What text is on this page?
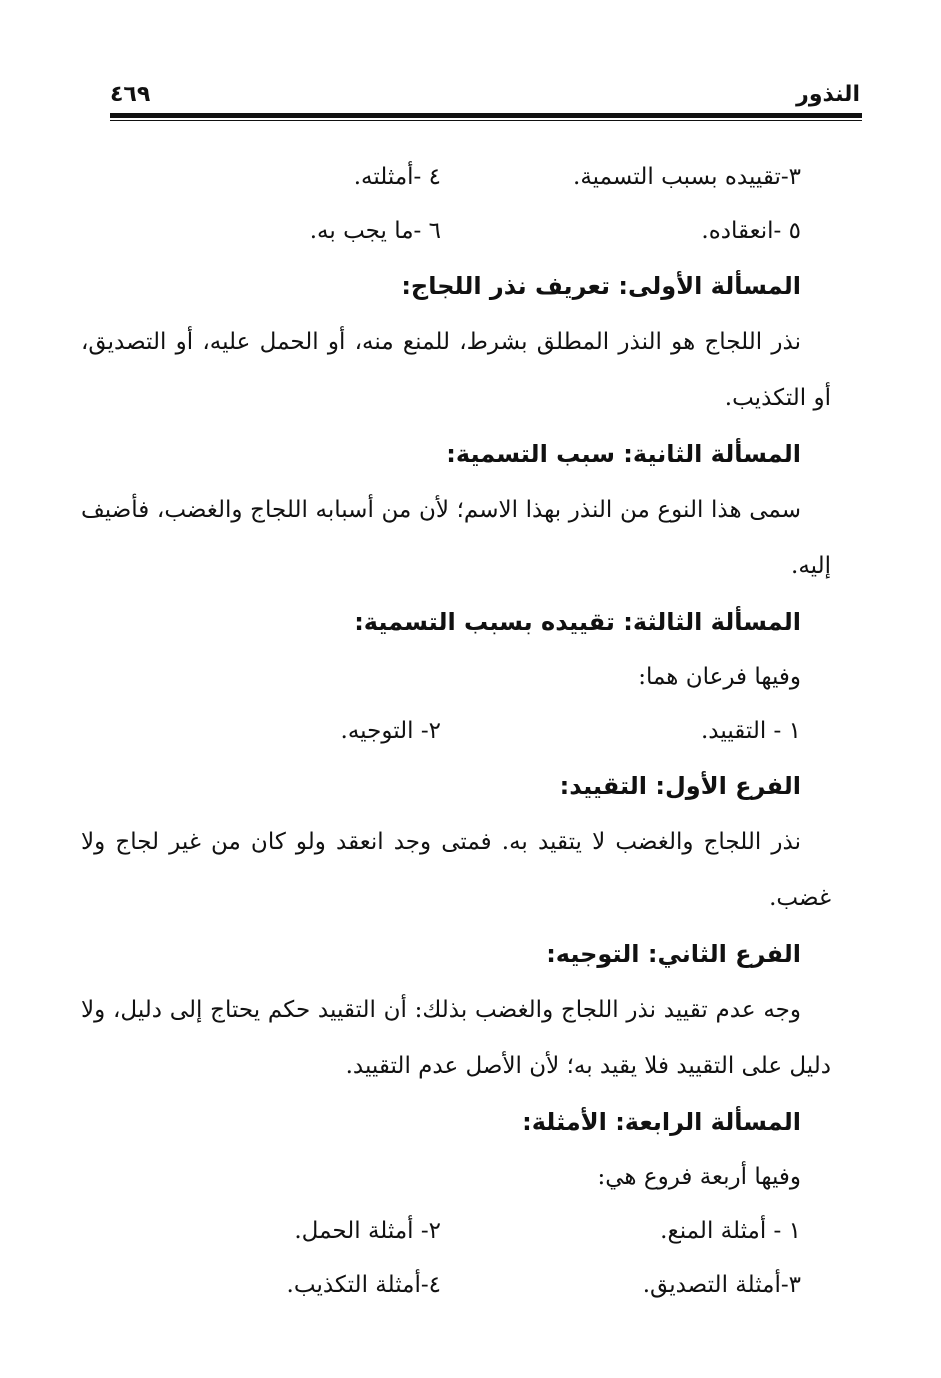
النذور
٤٦٩
٣-تقييده بسبب التسمية.
٤ -أمثلته.
٥ -انعقاده.
٦ -ما يجب به.
المسألة الأولى: تعريف نذر اللجاج:
نذر اللجاج هو النذر المطلق بشرط، للمنع منه، أو الحمل عليه، أو التصديق، أو التكذيب.
المسألة الثانية: سبب التسمية:
سمى هذا النوع من النذر بهذا الاسم؛ لأن من أسبابه اللجاج والغضب، فأضيف إليه.
المسألة الثالثة: تقييده بسبب التسمية:
وفيها فرعان هما:
١ - التقييد.
٢- التوجيه.
الفرع الأول: التقييد:
نذر اللجاج والغضب لا يتقيد به. فمتى وجد انعقد ولو كان من غير لجاج ولا غضب.
الفرع الثاني: التوجيه:
وجه عدم تقييد نذر اللجاج والغضب بذلك: أن التقييد حكم يحتاج إلى دليل، ولا دليل على التقييد فلا يقيد به؛ لأن الأصل عدم التقييد.
المسألة الرابعة: الأمثلة:
وفيها أربعة فروع هي:
١ - أمثلة المنع.
٢- أمثلة الحمل.
٣-أمثلة التصديق.
٤-أمثلة التكذيب.
